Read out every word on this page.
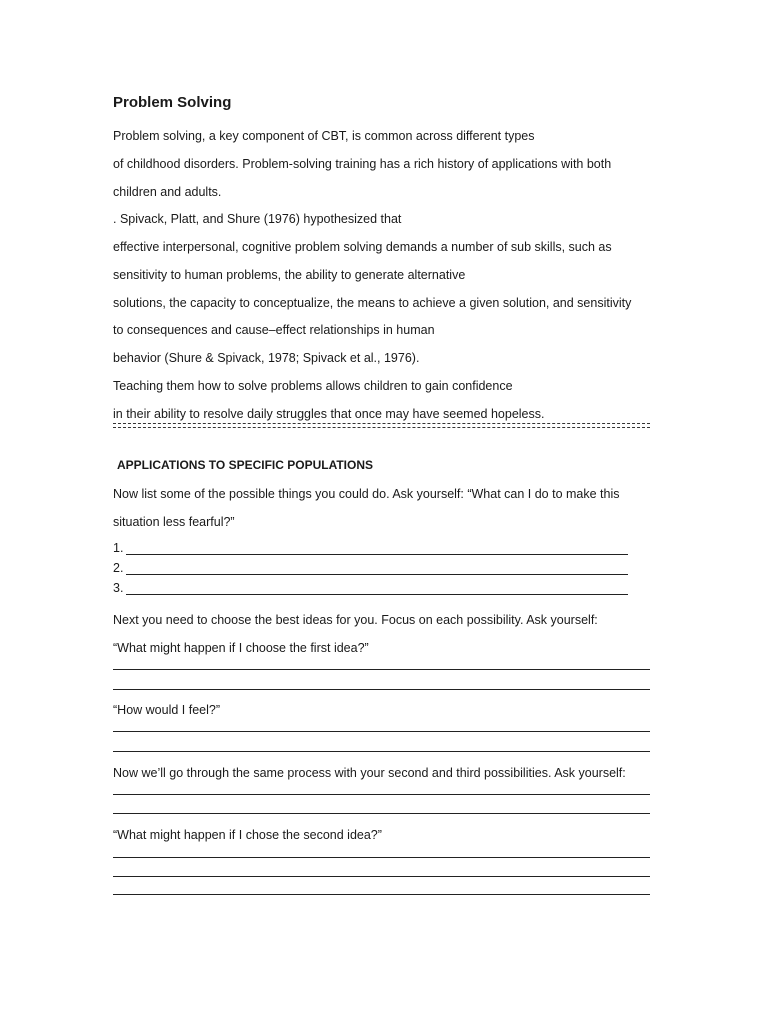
Problem Solving
Problem solving, a key component of CBT, is common across different types
of childhood disorders. Problem-solving training has a rich history of applications with both
children and adults.
. Spivack, Platt, and Shure (1976) hypothesized that
effective interpersonal, cognitive problem solving demands a number of sub skills, such as
sensitivity to human problems, the ability to generate alternative
solutions, the capacity to conceptualize, the means to achieve a given solution, and sensitivity
to consequences and cause–effect relationships in human
behavior (Shure & Spivack, 1978; Spivack et al., 1976).
Teaching them how to solve problems allows children to gain confidence
in their ability to resolve daily struggles that once may have seemed hopeless.
APPLICATIONS TO SPECIFIC POPULATIONS
Now list some of the possible things you could do. Ask yourself: “What can I do to make this
situation less fearful?”
1.
2.
3.
Next you need to choose the best ideas for you. Focus on each possibility. Ask yourself:
“What might happen if I choose the first idea?”
“How would I feel?”
Now we’ll go through the same process with your second and third possibilities. Ask yourself:
“What might happen if I chose the second idea?”
